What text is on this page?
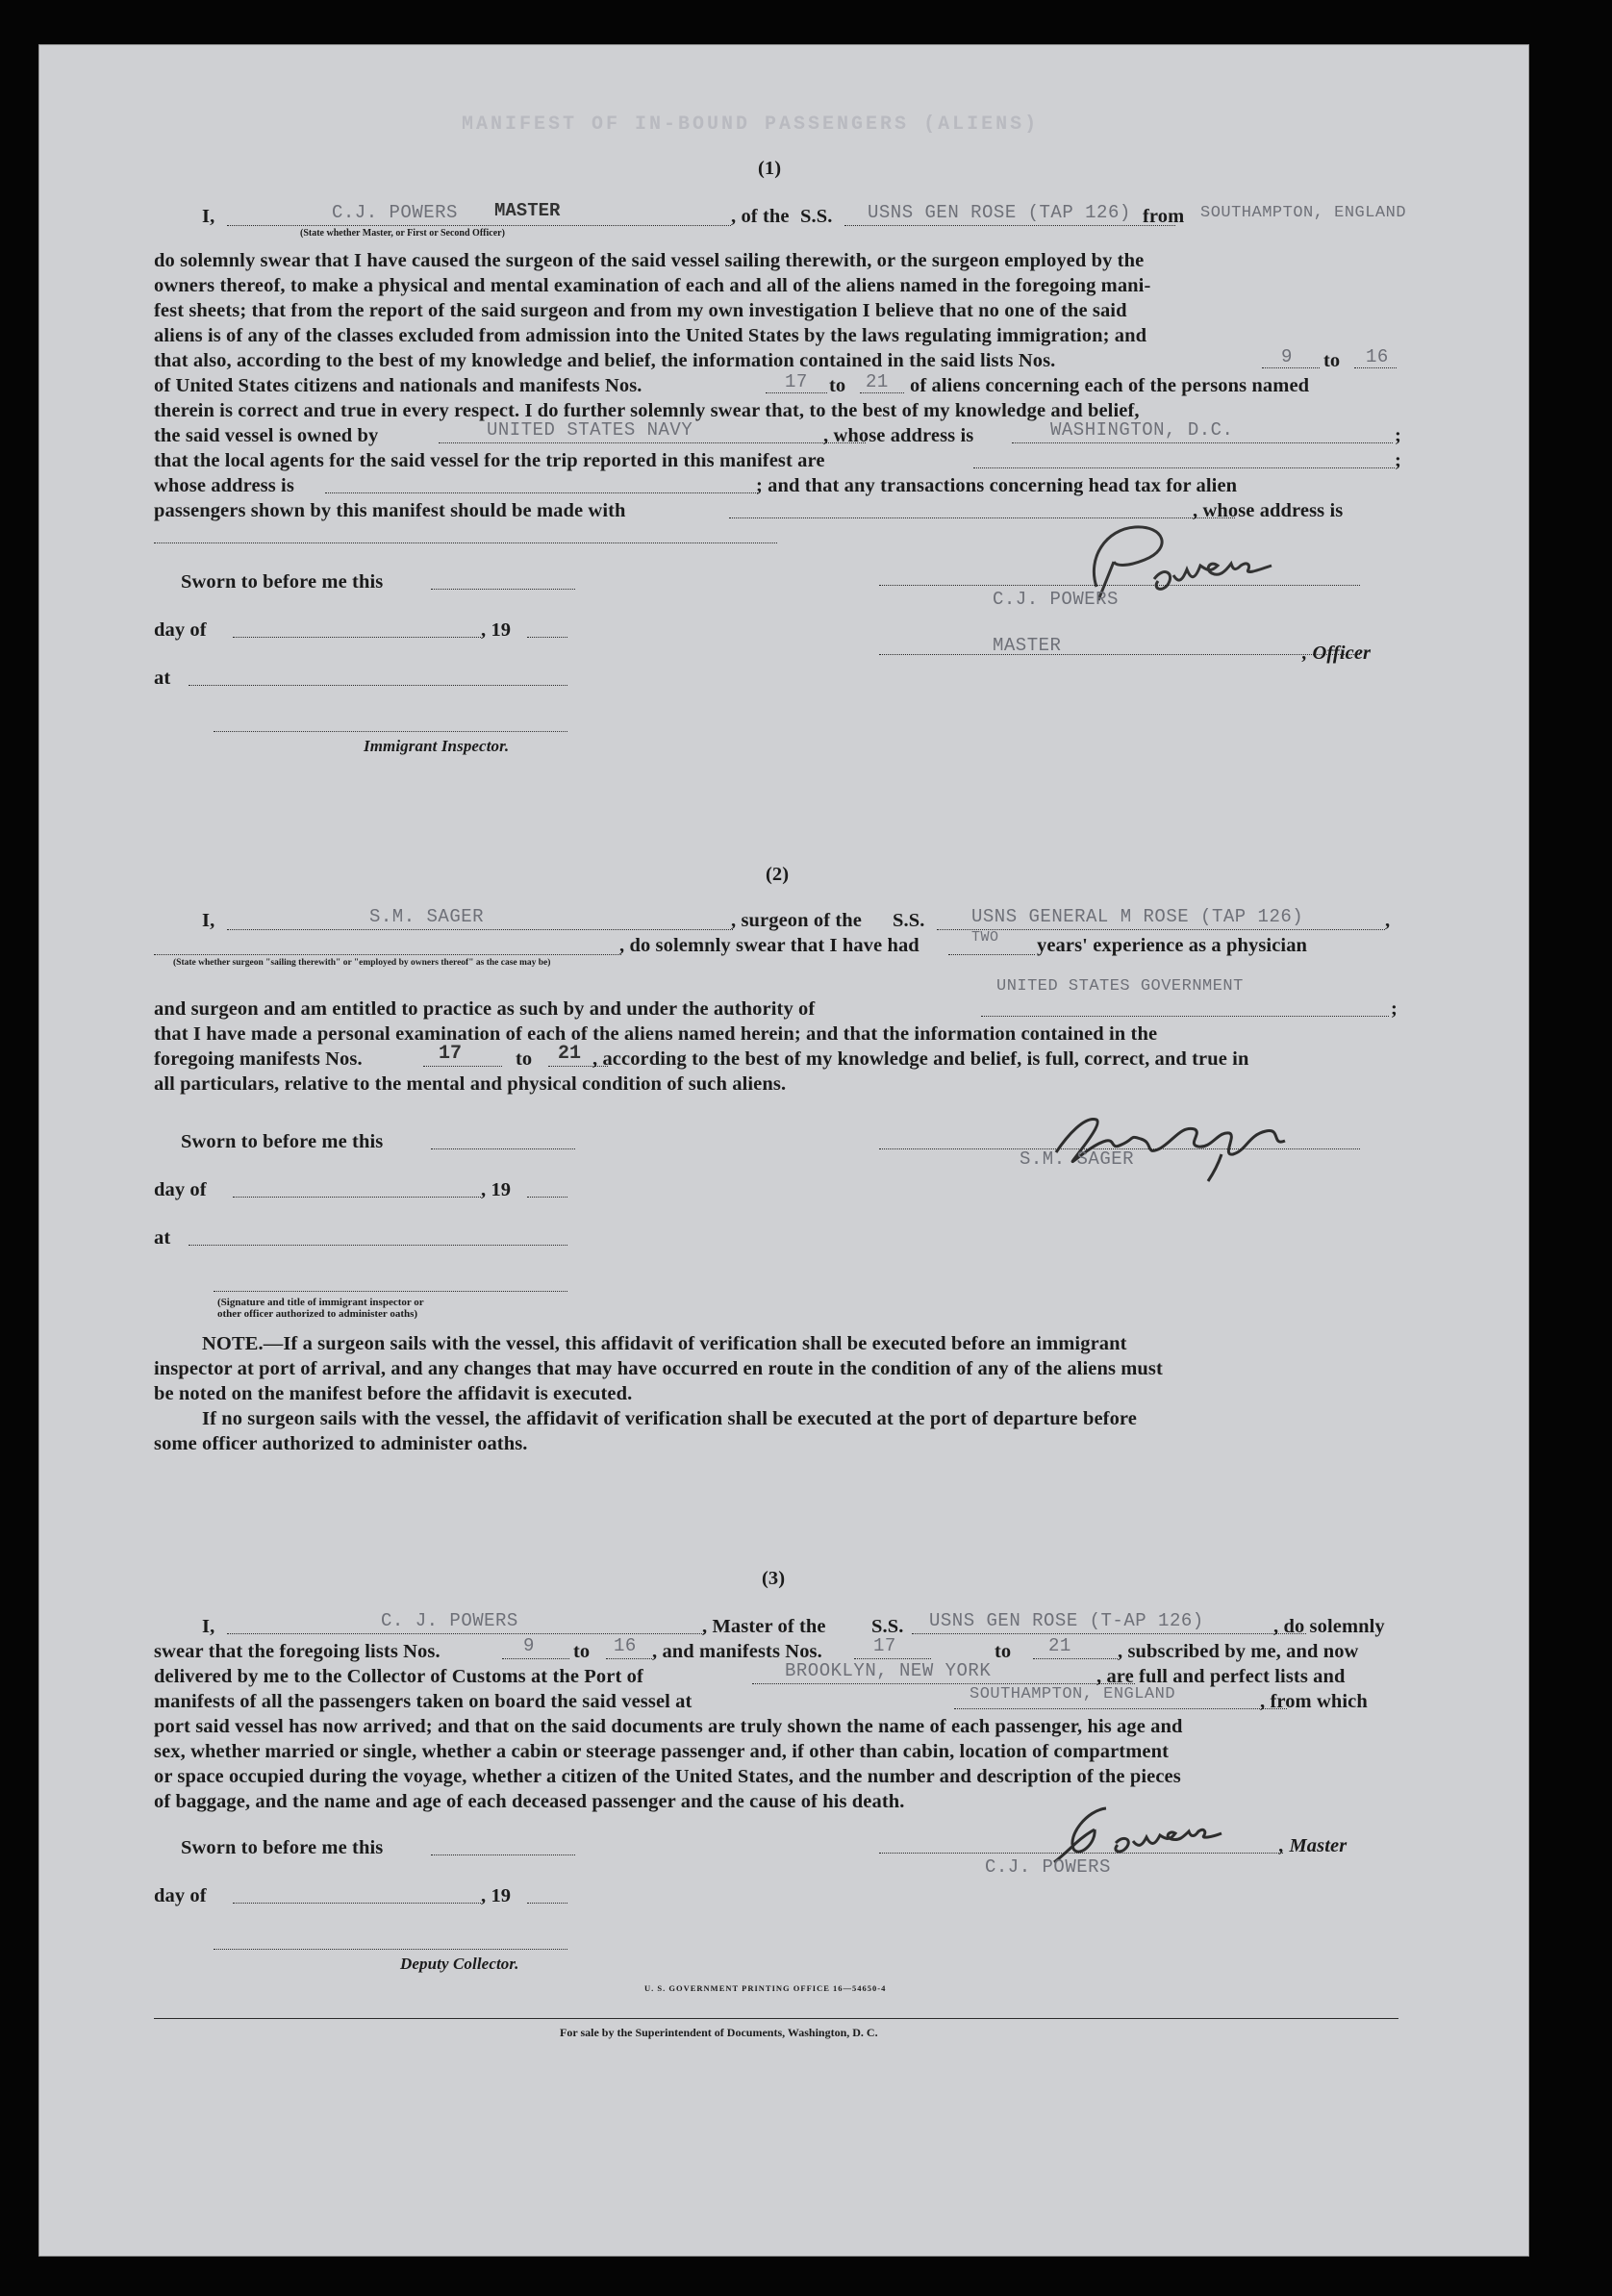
MANIFEST OF IN-BOUND PASSENGERS (ALIENS)
(1)
I,	C.J. POWERS MASTER
(State whether Master, or First or Second Officer)
, of the S.S. USNS GEN ROSE (TAP 126) from SOUTHAMPTON, ENGLAND
do solemnly swear that I have caused the surgeon of the said vessel sailing therewith, or the surgeon employed by the
owners thereof, to make a physical and mental examination of each and all of the aliens named in the foregoing mani-
fest sheets; that from the report of the said surgeon and from my own investigation I believe that no one of the said
aliens is of any of the classes excluded from admission into the United States by the laws regulating immigration; and
that also, according to the best of my knowledge and belief, the information contained in the said lists Nos.	9 to 16
of United States citizens and nationals and manifests Nos.	17 to 21 of aliens concerning each of the persons named
therein is correct and true in every respect. I do further solemnly swear that, to the best of my knowledge and belief,
the said vessel is owned by	UNITED STATES NAVY	, whose address is	WASHINGTON, D.C.	;
that the local agents for the said vessel for the trip reported in this manifest are	;
whose address is	; and that any transactions concerning head tax for alien
passengers shown by this manifest should be made with	, whose address is
Sworn to before me this
day of	, 19
at
Immigrant Inspector.
C.J. POWERS
MASTER	, Officer
(2)
I,	S.M. SAGER	, surgeon of the S.S.	USNS GENERAL M ROSE (TAP 126)	,
, do solemnly swear that I have had	TWO years' experience as a physician
(State whether surgeon "sailing therewith" or "employed by owners thereof" as the case may be)
UNITED STATES GOVERNMENT
and surgeon and am entitled to practice as such by and under the authority of	;
that I have made a personal examination of each of the aliens named herein; and that the information contained in the
foregoing manifests Nos.	17	to 21 , according to the best of my knowledge and belief, is full, correct, and true in
all particulars, relative to the mental and physical condition of such aliens.
Sworn to before me this
day of	, 19
at
(Signature and title of immigrant inspector or
other officer authorized to administer oaths)
S.M. SAGER
NOTE.—If a surgeon sails with the vessel, this affidavit of verification shall be executed before an immigrant
inspector at port of arrival, and any changes that may have occurred en route in the condition of any of the aliens must
be noted on the manifest before the affidavit is executed.
If no surgeon sails with the vessel, the affidavit of verification shall be executed at the port of departure before
some officer authorized to administer oaths.
(3)
I,	C. J. POWERS	, Master of the S.S. USNS GEN ROSE (T-AP 126)	, do solemnly
swear that the foregoing lists Nos.	9 to 16 , and manifests Nos.	17	to 21 , subscribed by me, and now
delivered by me to the Collector of Customs at the Port of	BROOKLYN, NEW YORK	, are full and perfect lists and
manifests of all the passengers taken on board the said vessel at	SOUTHAMPTON, ENGLAND	, from which
port said vessel has now arrived; and that on the said documents are truly shown the name of each passenger, his age and
sex, whether married or single, whether a cabin or steerage passenger and, if other than cabin, location of compartment
or space occupied during the voyage, whether a citizen of the United States, and the number and description of the pieces
of baggage, and the name and age of each deceased passenger and the cause of his death.
Sworn to before me this
day of	, 19
Deputy Collector.
, Master
C.J. POWERS
U. S. GOVERNMENT PRINTING OFFICE 16—54650-4
For sale by the Superintendent of Documents, Washington, D. C.
